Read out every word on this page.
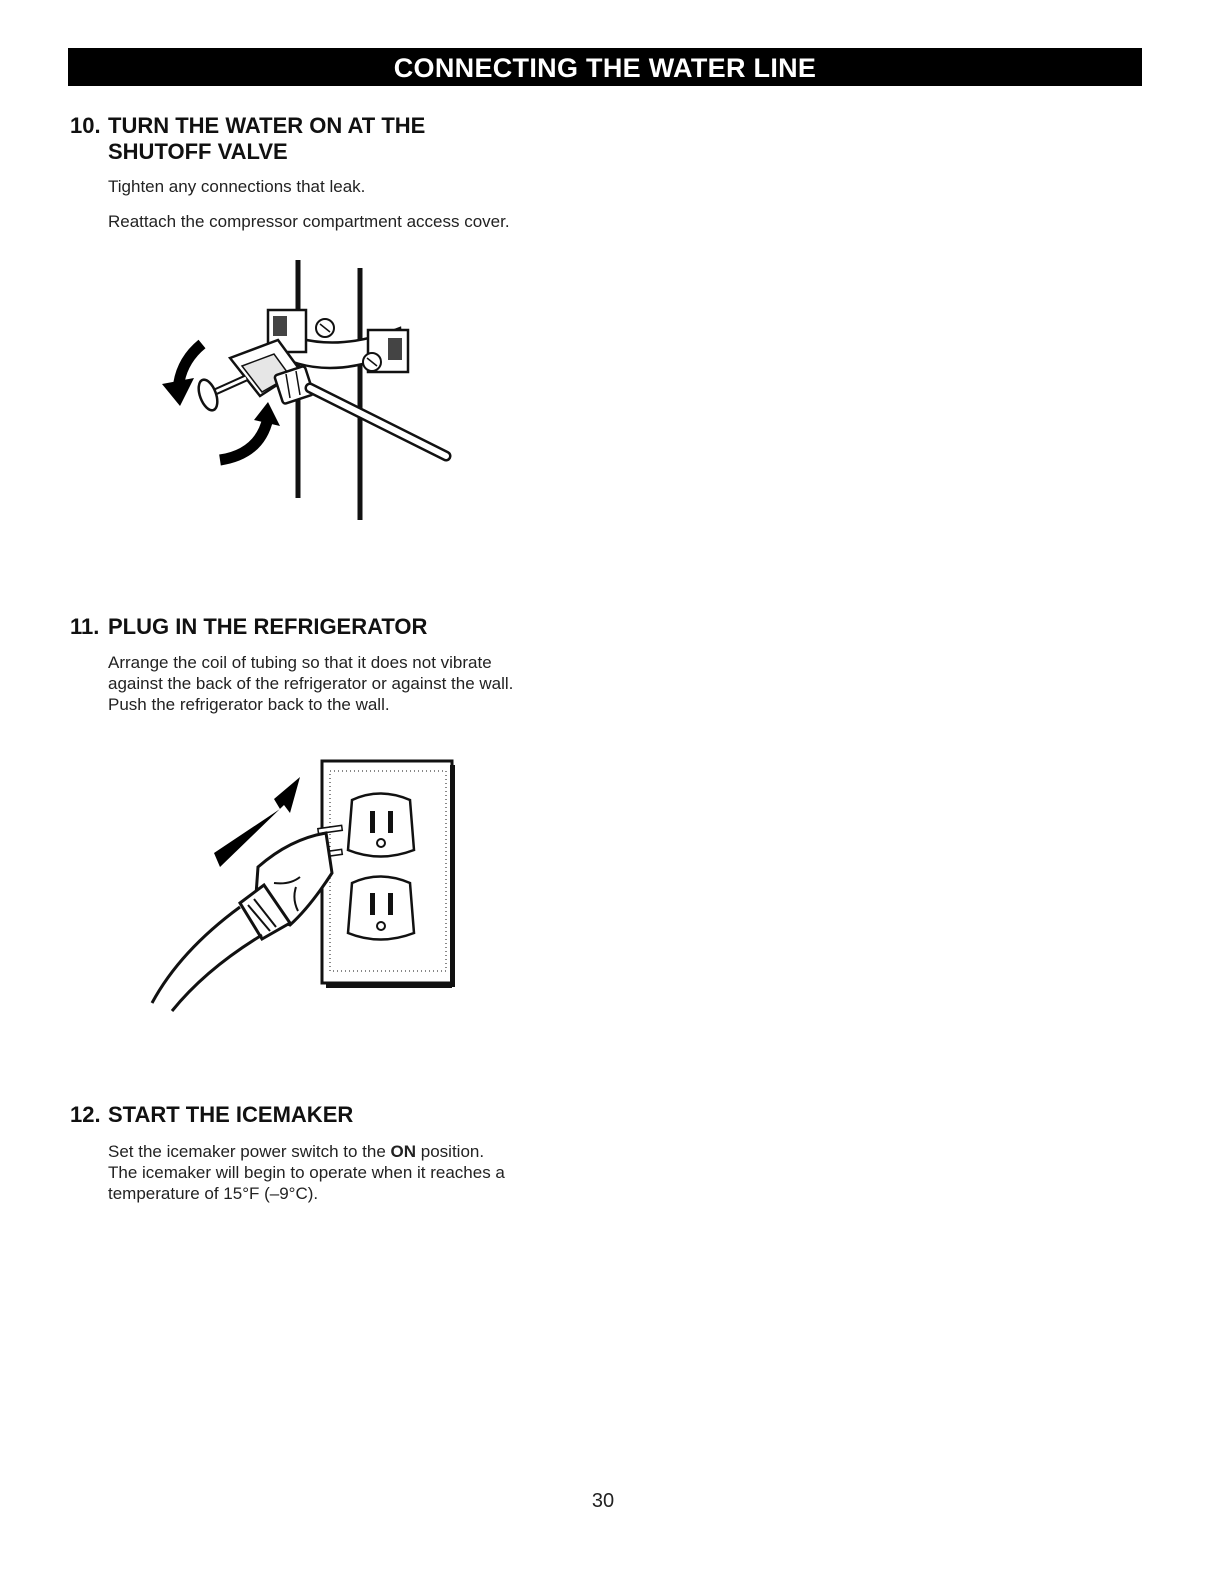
CONNECTING THE WATER LINE
10. TURN THE WATER ON AT THE
SHUTOFF VALVE

Tighten any connections that leak.

Reattach the compressor compartment access cover.

11. PLUG IN THE REFRIGERATOR

Arrange the coil of tubing so that it does not vibrate

against the back of the refrigerator or against the wall.

Push the refrigerator back to the wall.

12. START THE ICEMAKER

Set the icemaker power switch to the ON position.

The icemaker will begin to operate when it reaches a

temperature of 15°F (–9°C).

30
